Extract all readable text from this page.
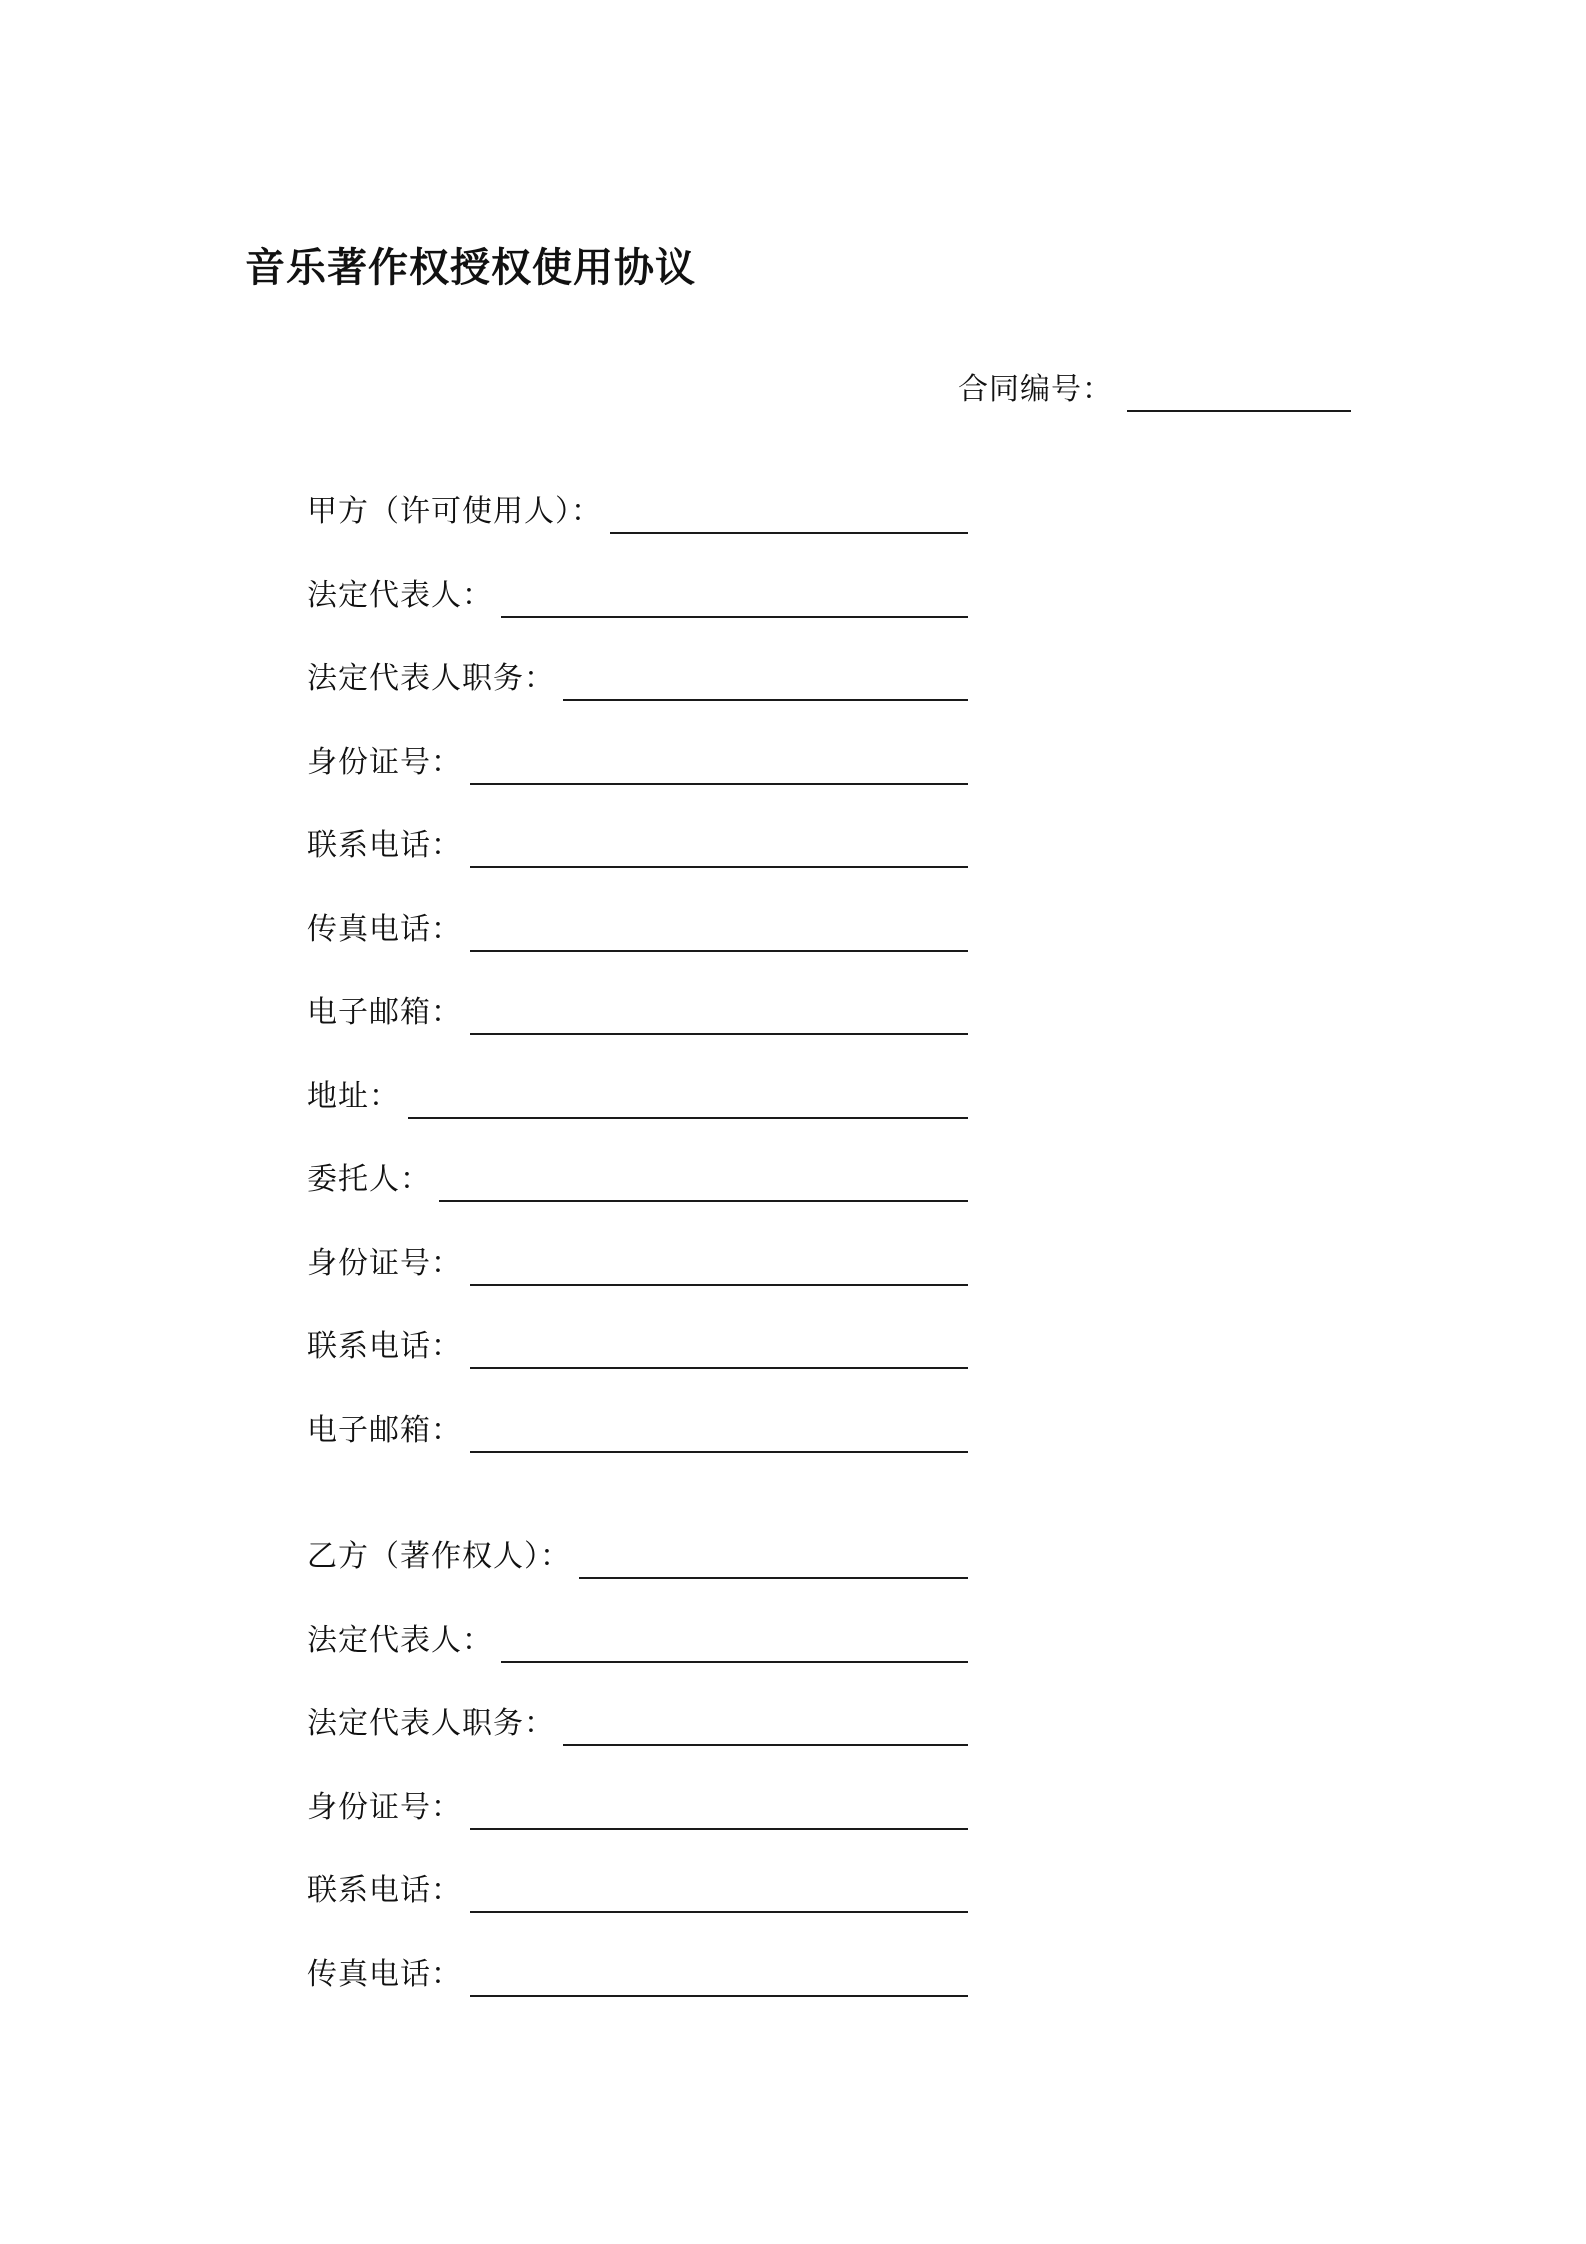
音乐著作权授权使用协议
合同编号：
甲方（许可使用人）：
法定代表人：
法定代表人职务：
身份证号：
联系电话：
传真电话：
电子邮箱：
地址：
委托人：
身份证号：
联系电话：
电子邮箱：
乙方（著作权人）：
法定代表人：
法定代表人职务：
身份证号：
联系电话：
传真电话：
